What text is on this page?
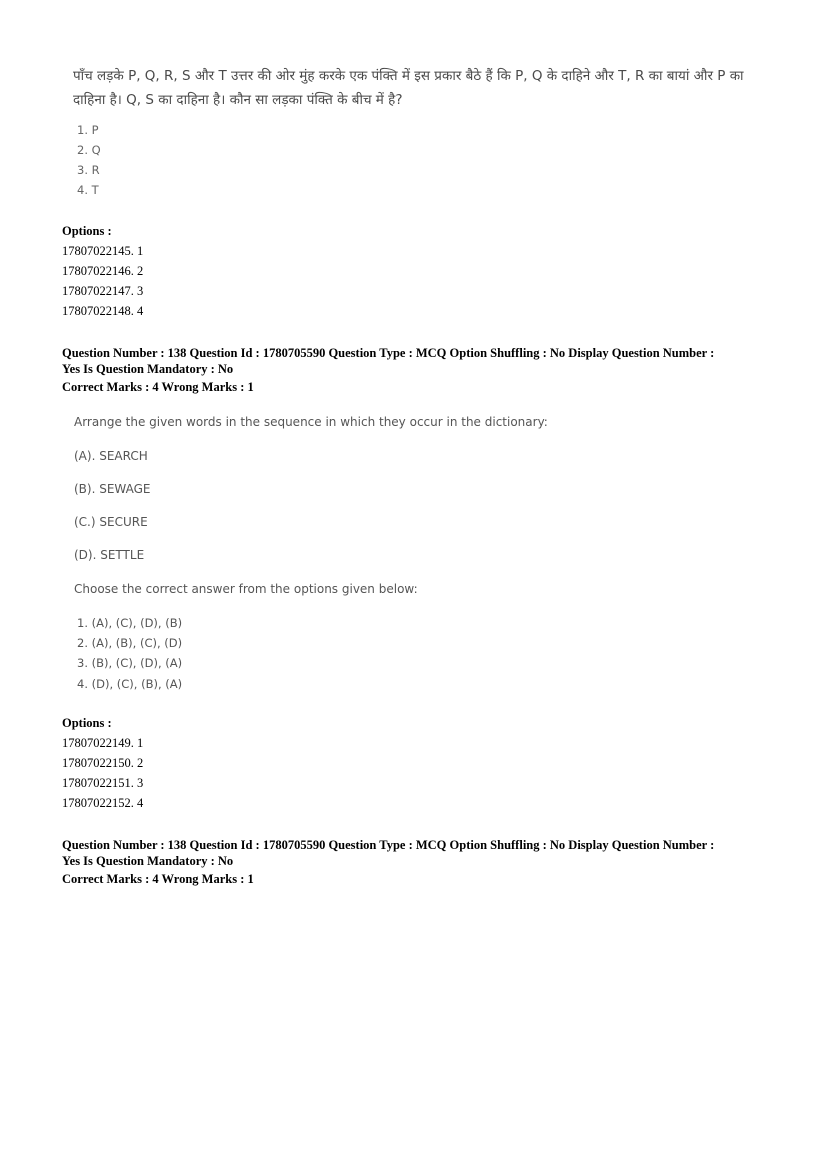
पाँच लड़के P, Q, R, S और T उत्तर की ओर मुंह करके एक पंक्ति में इस प्रकार बैठे हैं कि P, Q के दाहिने और T, R का बायां और P का दाहिना है। Q, S का दाहिना है। कौन सा लड़का पंक्ति के बीच में है?
1. P
2. Q
3. R
4. T
Options :
17807022145. 1
17807022146. 2
17807022147. 3
17807022148. 4
Question Number : 138 Question Id : 1780705590 Question Type : MCQ Option Shuffling : No Display Question Number :
Yes Is Question Mandatory : No
Correct Marks : 4 Wrong Marks : 1
Arrange the given words in the sequence in which they occur in the dictionary:
(A). SEARCH
(B). SEWAGE
(C.) SECURE
(D). SETTLE
Choose the correct answer from the options given below:
1. (A), (C), (D), (B)
2. (A), (B), (C), (D)
3. (B), (C), (D), (A)
4. (D), (C), (B), (A)
Options :
17807022149. 1
17807022150. 2
17807022151. 3
17807022152. 4
Question Number : 138 Question Id : 1780705590 Question Type : MCQ Option Shuffling : No Display Question Number :
Yes Is Question Mandatory : No
Correct Marks : 4 Wrong Marks : 1
